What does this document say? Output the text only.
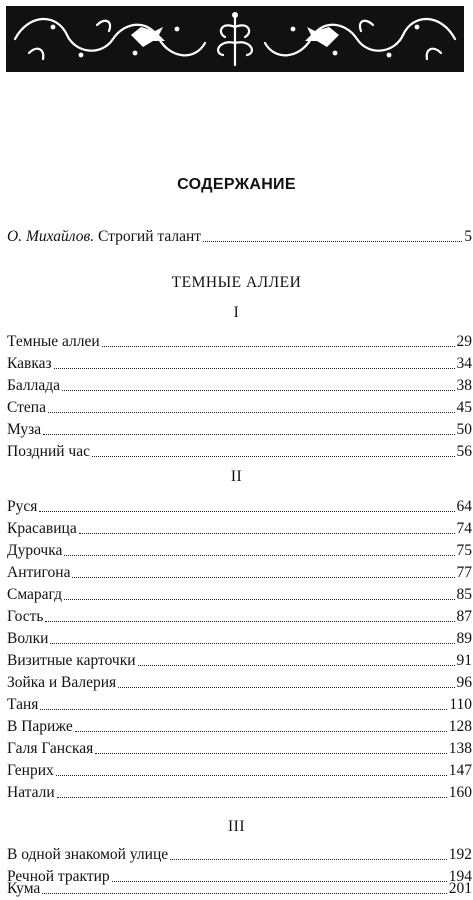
СОДЕРЖАНИЕ
О. Михайлов. Строгий талант	5
ТЕМНЫЕ АЛЛЕИ
I
Темные аллеи	29
Кавказ	34
Баллада	38
Степа	45
Муза	50
Поздний час	56
II
Руся	64
Красавица	74
Дурочка	75
Антигона	77
Смарагд	85
Гость	87
Волки	89
Визитные карточки	91
Зойка и Валерия	96
Таня	110
В Париже	128
Галя Ганская	138
Генрих	147
Натали	160
III
В одной знакомой улице	192
Речной трактир	194
Кума	201
